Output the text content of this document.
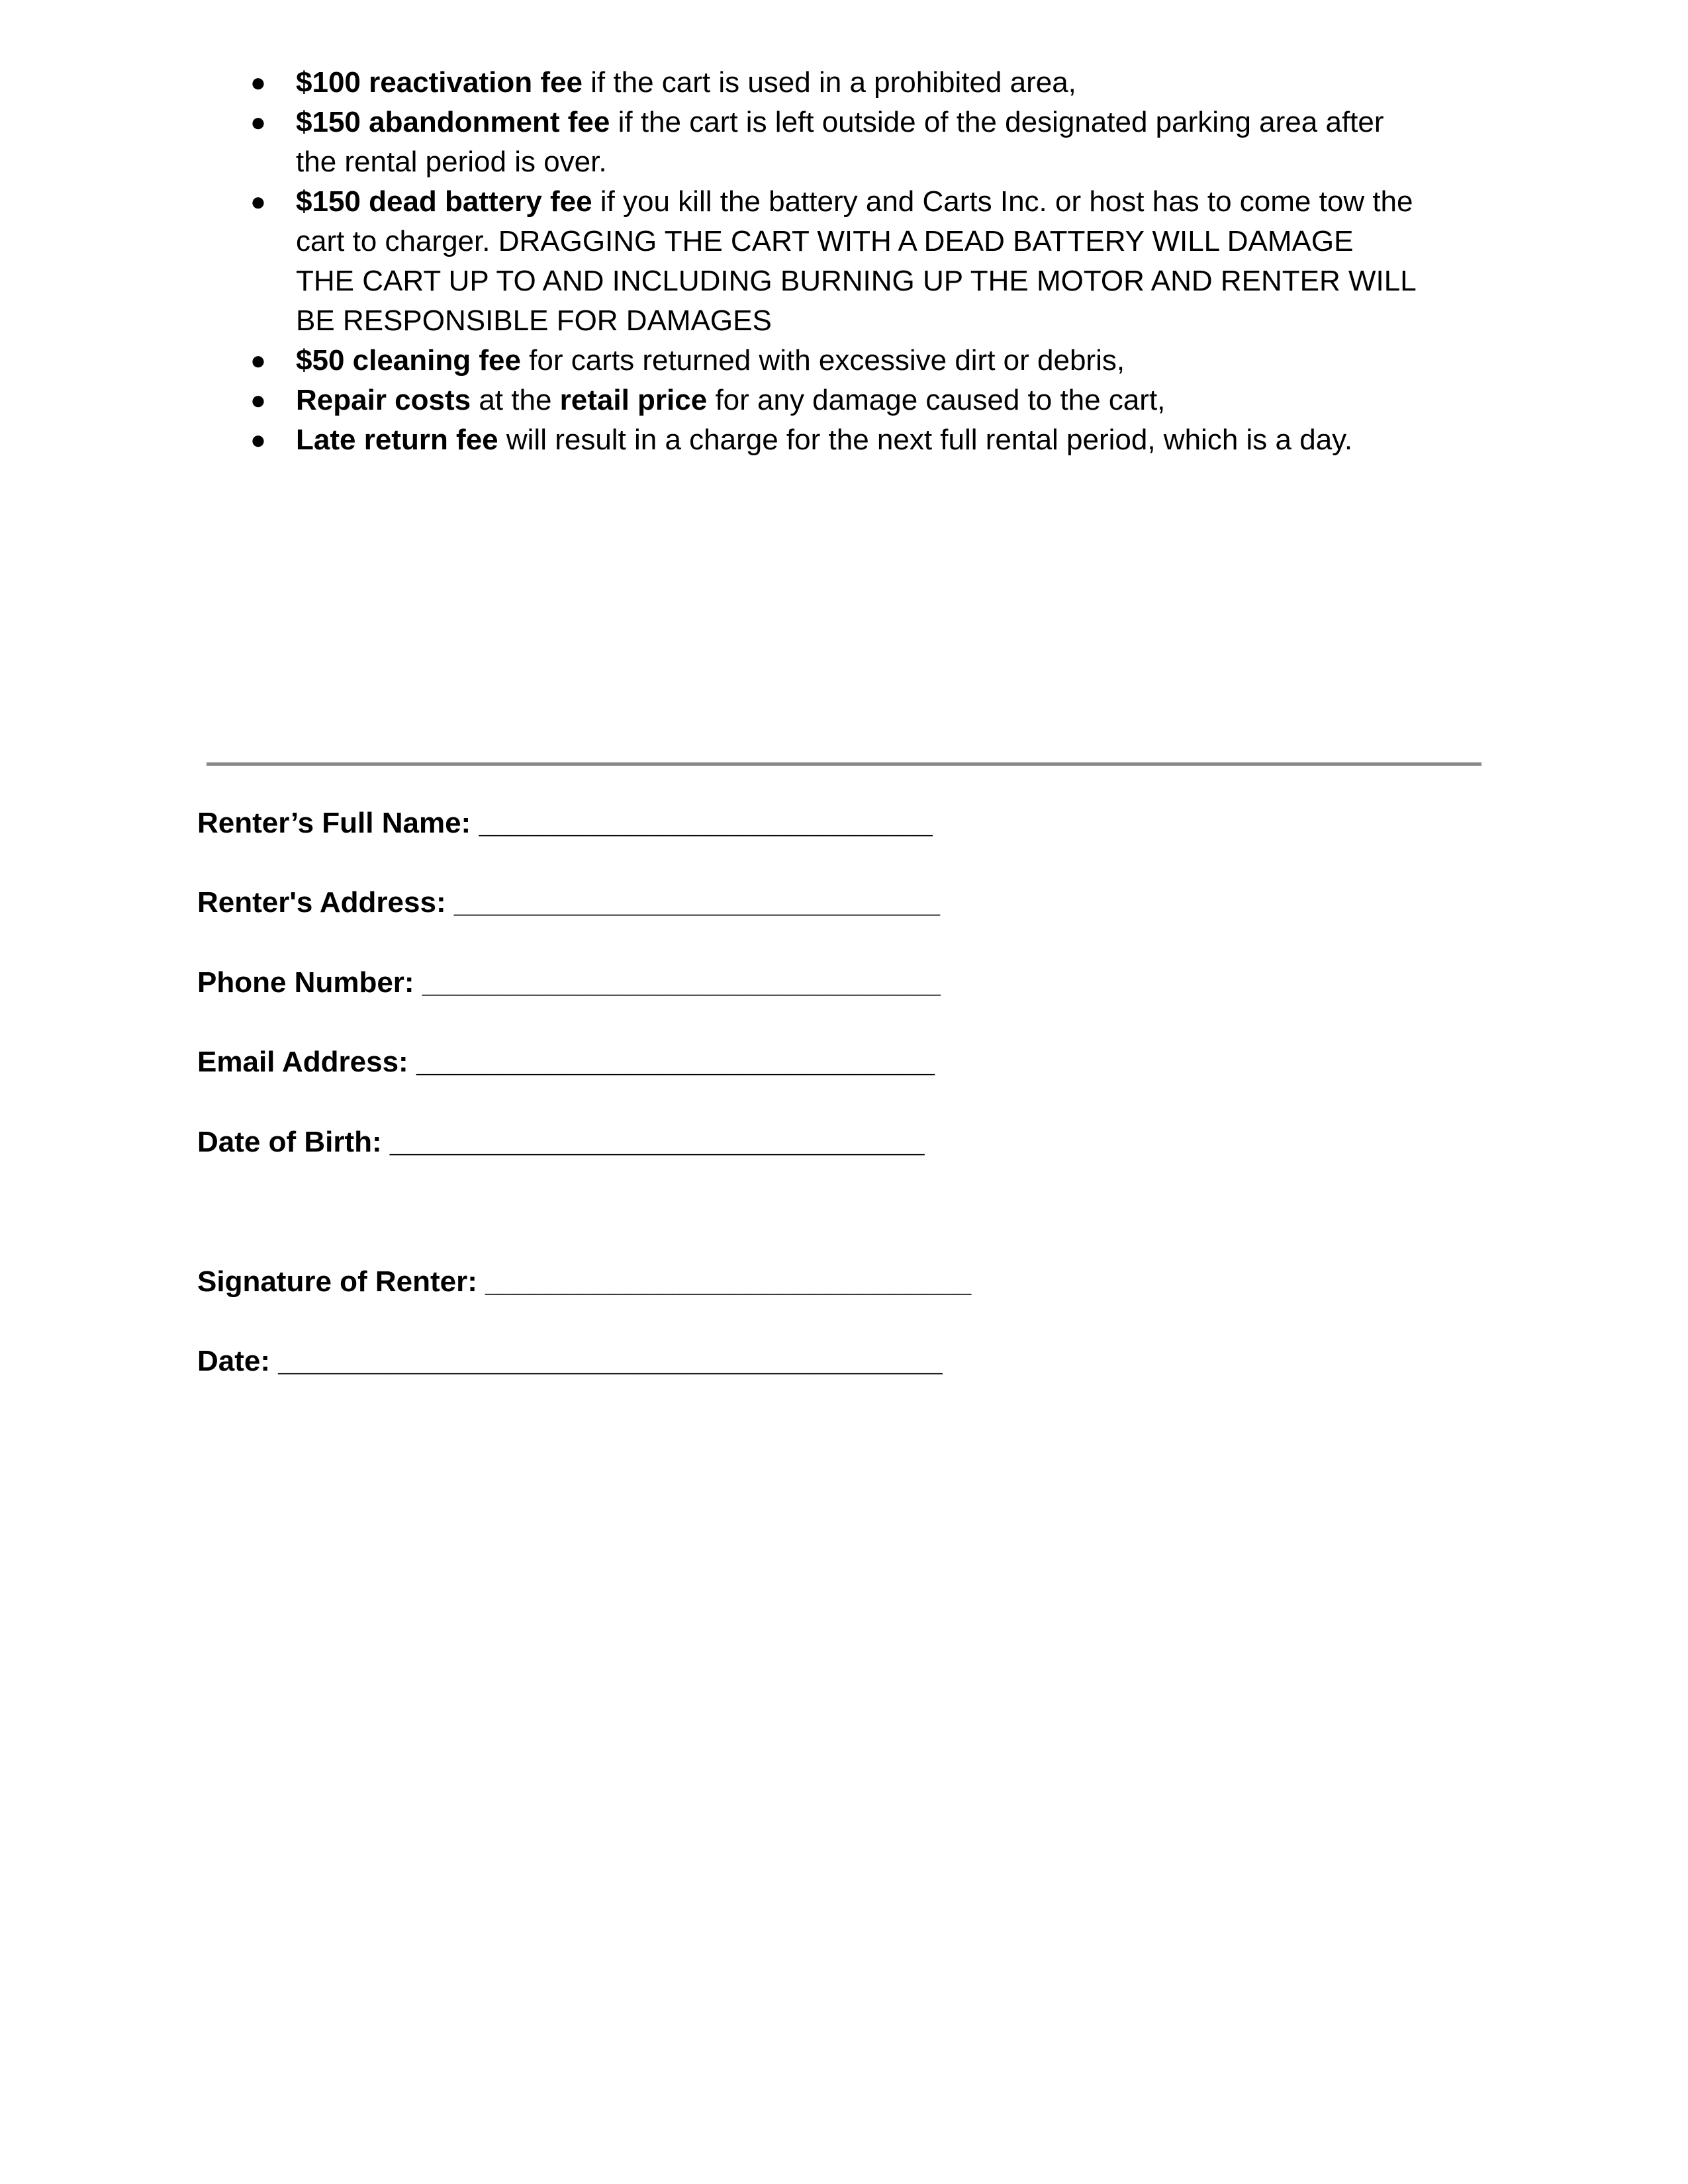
● $100 reactivation fee if the cart is used in a prohibited area,
● $150 abandonment fee if the cart is left outside of the designated parking area after
the rental period is over.
● $150 dead battery fee if you kill the battery and Carts Inc. or host has to come tow the
cart to charger. DRAGGING THE CART WITH A DEAD BATTERY WILL DAMAGE
THE CART UP TO AND INCLUDING BURNING UP THE MOTOR AND RENTER WILL
BE RESPONSIBLE FOR DAMAGES
● $50 cleaning fee for carts returned with excessive dirt or debris,
● Repair costs at the retail price for any damage caused to the cart,
● Late return fee will result in a charge for the next full rental period, which is a day.
Renter’s Full Name: ____________________________
Renter's Address: ______________________________
Phone Number: ________________________________
Email Address: ________________________________
Date of Birth: _________________________________
Signature of Renter: ______________________________
Date: _________________________________________
